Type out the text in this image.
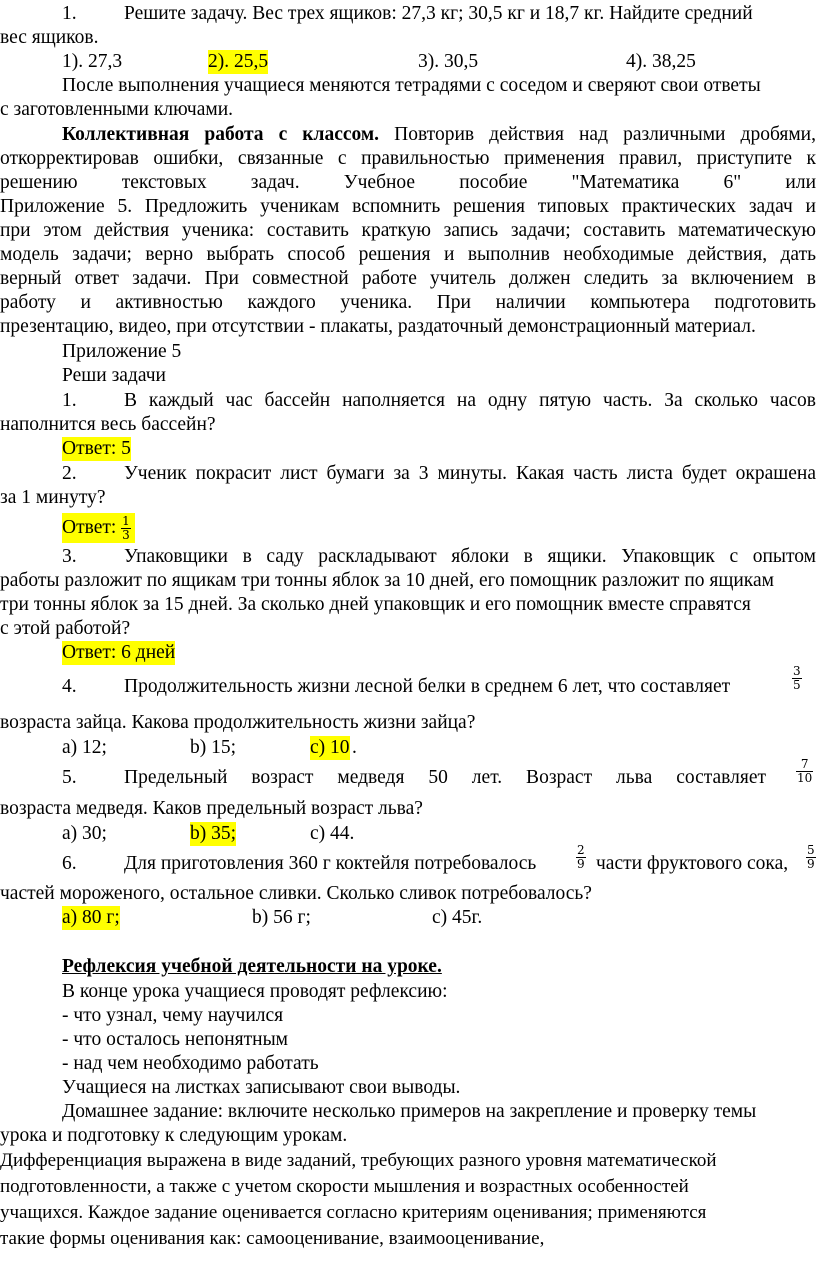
1. Решите задачу. Вес трех ящиков: 27,3 кг; 30,5 кг и 18,7 кг. Найдите средний
вес ящиков.
1). 27,3	2). 25,5	3). 30,5	4). 38,25
После выполнения учащиеся меняются тетрадями с соседом и сверяют свои ответы
с заготовленными ключами.
Коллективная работа с классом. Повторив действия над различными дробями,
откорректировав ошибки, связанные с правильностью применения правил, приступите к
решению текстовых задач. Учебное пособие "Математика 6" или
Приложение 5. Предложить ученикам вспомнить решения типовых практических задач и
при этом действия ученика: составить краткую запись задачи; составить математическую
модель задачи; верно выбрать способ решения и выполнив необходимые действия, дать
верный ответ задачи. При совместной работе учитель должен следить за включением в
работу и активностью каждого ученика. При наличии компьютера подготовить
презентацию, видео, при отсутствии - плакаты, раздаточный демонстрационный материал.
Приложение 5
Реши задачи
1. В каждый час бассейн наполняется на одну пятую часть. За сколько часов
наполнится весь бассейн?
Ответ: 5
2. Ученик покрасит лист бумаги за 3 минуты. Какая часть листа будет окрашена
за 1 минуту?
Ответ: $\frac{1}{3}$
3. Упаковщики в саду раскладывают яблоки в ящики. Упаковщик с опытом
работы разложит по ящикам три тонны яблок за 10 дней, его помощник разложит по ящикам
три тонны яблок за 15 дней. За сколько дней упаковщик и его помощник вместе справятся
с этой работой?
Ответ: 6 дней
4. Продолжительность жизни лесной белки в среднем 6 лет, что составляет	$\frac{3}{5}$
возраста зайца. Какова продолжительность жизни зайца?
а) 12;	b) 15;	c) 10 .
5. Предельный возраст медведя 50 лет. Возраст льва составляет	$\frac{7}{10}$
возраста медведя. Каков предельный возраст льва?
а) 30;	b) 35;	c) 44.
6. Для приготовления 360 г коктейля потребовалось	$\frac{2}{9}$ части фруктового сока, $\frac{5}{9}$
частей мороженого, остальное сливки. Сколько сливок потребовалось?
а) 80 г;	b) 56 г;	c) 45г.
Рефлексия учебной деятельности на уроке.
В конце урока учащиеся проводят рефлексию:
- что узнал, чему научился
- что осталось непонятным
- над чем необходимо работать
Учащиеся на листках записывают свои выводы.
Домашнее задание: включите несколько примеров на закрепление и проверку темы
урока и подготовку к следующим урокам.
Дифференциация выражена в виде заданий, требующих разного уровня математической
подготовленности, а также с учетом скорости мышления и возрастных особенностей
учащихся. Каждое задание оценивается согласно критериям оценивания; применяются
такие формы оценивания как: самооценивание, взаимооценивание,
